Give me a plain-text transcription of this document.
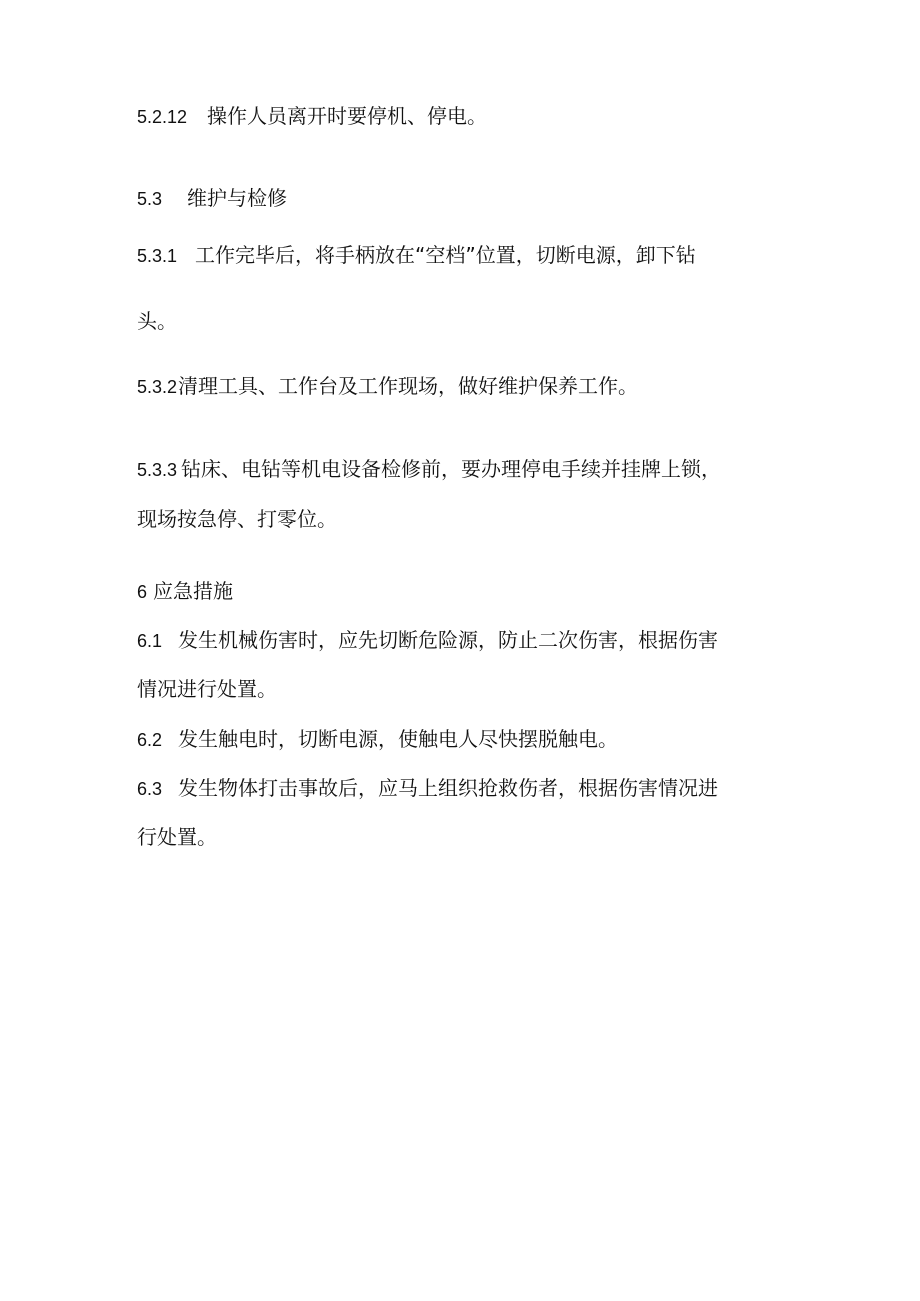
5.2.12 操作人员离开时要停机、停电。
5.3 维护与检修
5.3.1 工作完毕后，将手柄放在“空档”位置，切断电源，卸下钻
头。
5.3.2清理工具、工作台及工作现场，做好维护保养工作。
5.3.3 钻床、电钻等机电设备检修前，要办理停电手续并挂牌上锁，
现场按急停、打零位。
6 应急措施
6.1 发生机械伤害时，应先切断危险源，防止二次伤害，根据伤害
情况进行处置。
6.2 发生触电时，切断电源，使触电人尽快摆脱触电。
6.3 发生物体打击事故后，应马上组织抢救伤者，根据伤害情况进
行处置。
